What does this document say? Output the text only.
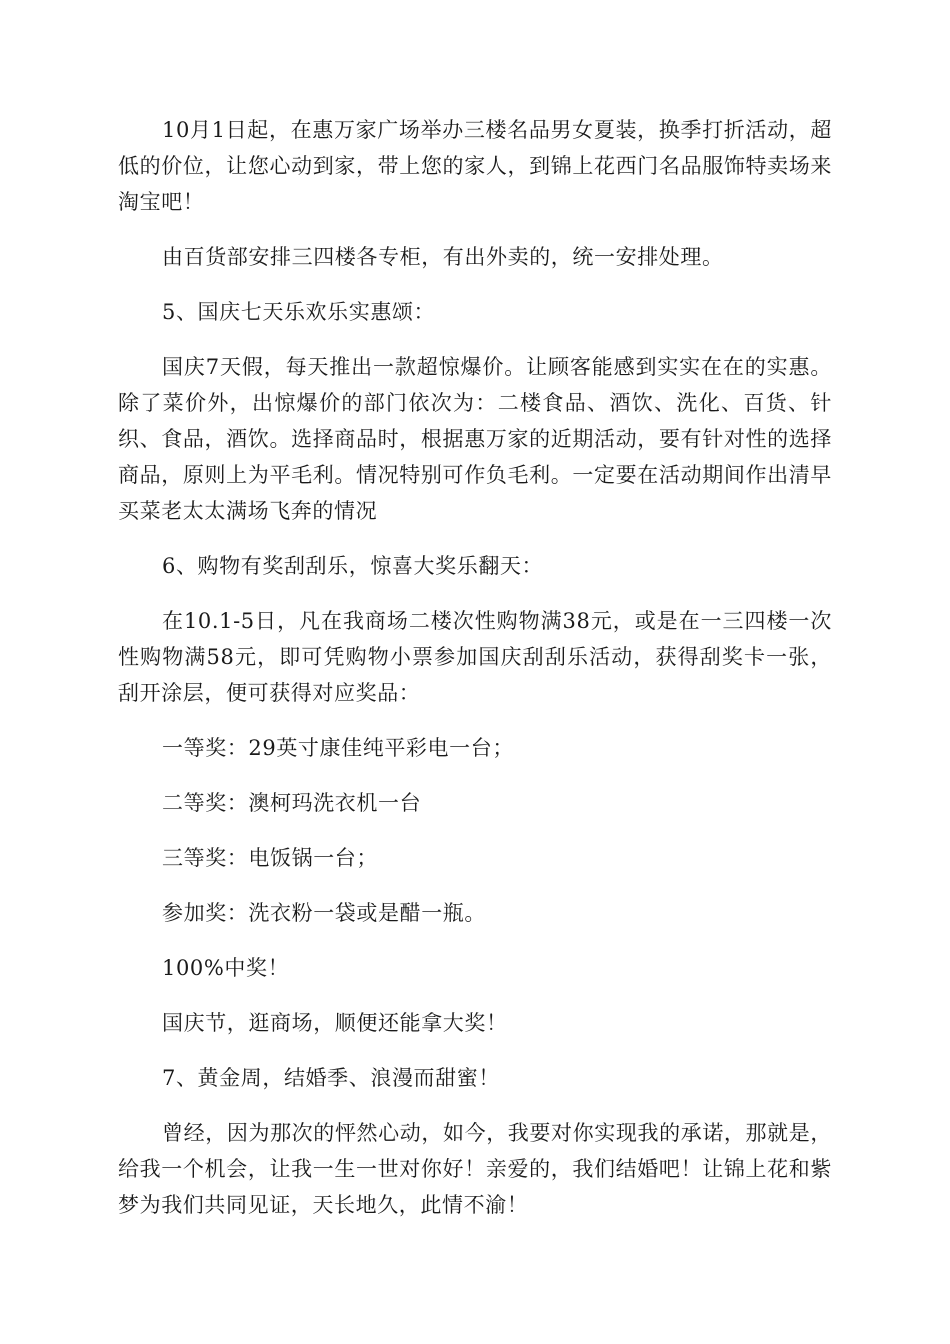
10月1日起，在惠万家广场举办三楼名品男女夏装，换季打折活动，超低的价位，让您心动到家，带上您的家人，到锦上花西门名品服饰特卖场来淘宝吧！

由百货部安排三四楼各专柜，有出外卖的，统一安排处理。

5、国庆七天乐欢乐实惠颂：

国庆7天假，每天推出一款超惊爆价。让顾客能感到实实在在的实惠。除了菜价外，出惊爆价的部门依次为：二楼食品、酒饮、洗化、百货、针织、食品，酒饮。选择商品时，根据惠万家的近期活动，要有针对性的选择商品，原则上为平毛利。情况特别可作负毛利。一定要在活动期间作出清早买菜老太太满场飞奔的情况

6、购物有奖刮刮乐，惊喜大奖乐翻天：

在10.1-5日，凡在我商场二楼次性购物满38元，或是在一三四楼一次性购物满58元，即可凭购物小票参加国庆刮刮乐活动，获得刮奖卡一张，刮开涂层，便可获得对应奖品：

一等奖：29英寸康佳纯平彩电一台；

二等奖：澳柯玛洗衣机一台

三等奖：电饭锅一台；

参加奖：洗衣粉一袋或是醋一瓶。

100%中奖！

国庆节，逛商场，顺便还能拿大奖！

7、黄金周，结婚季、浪漫而甜蜜！

曾经，因为那次的怦然心动，如今，我要对你实现我的承诺，那就是，给我一个机会，让我一生一世对你好！亲爱的，我们结婚吧！让锦上花和紫梦为我们共同见证，天长地久，此情不渝！
